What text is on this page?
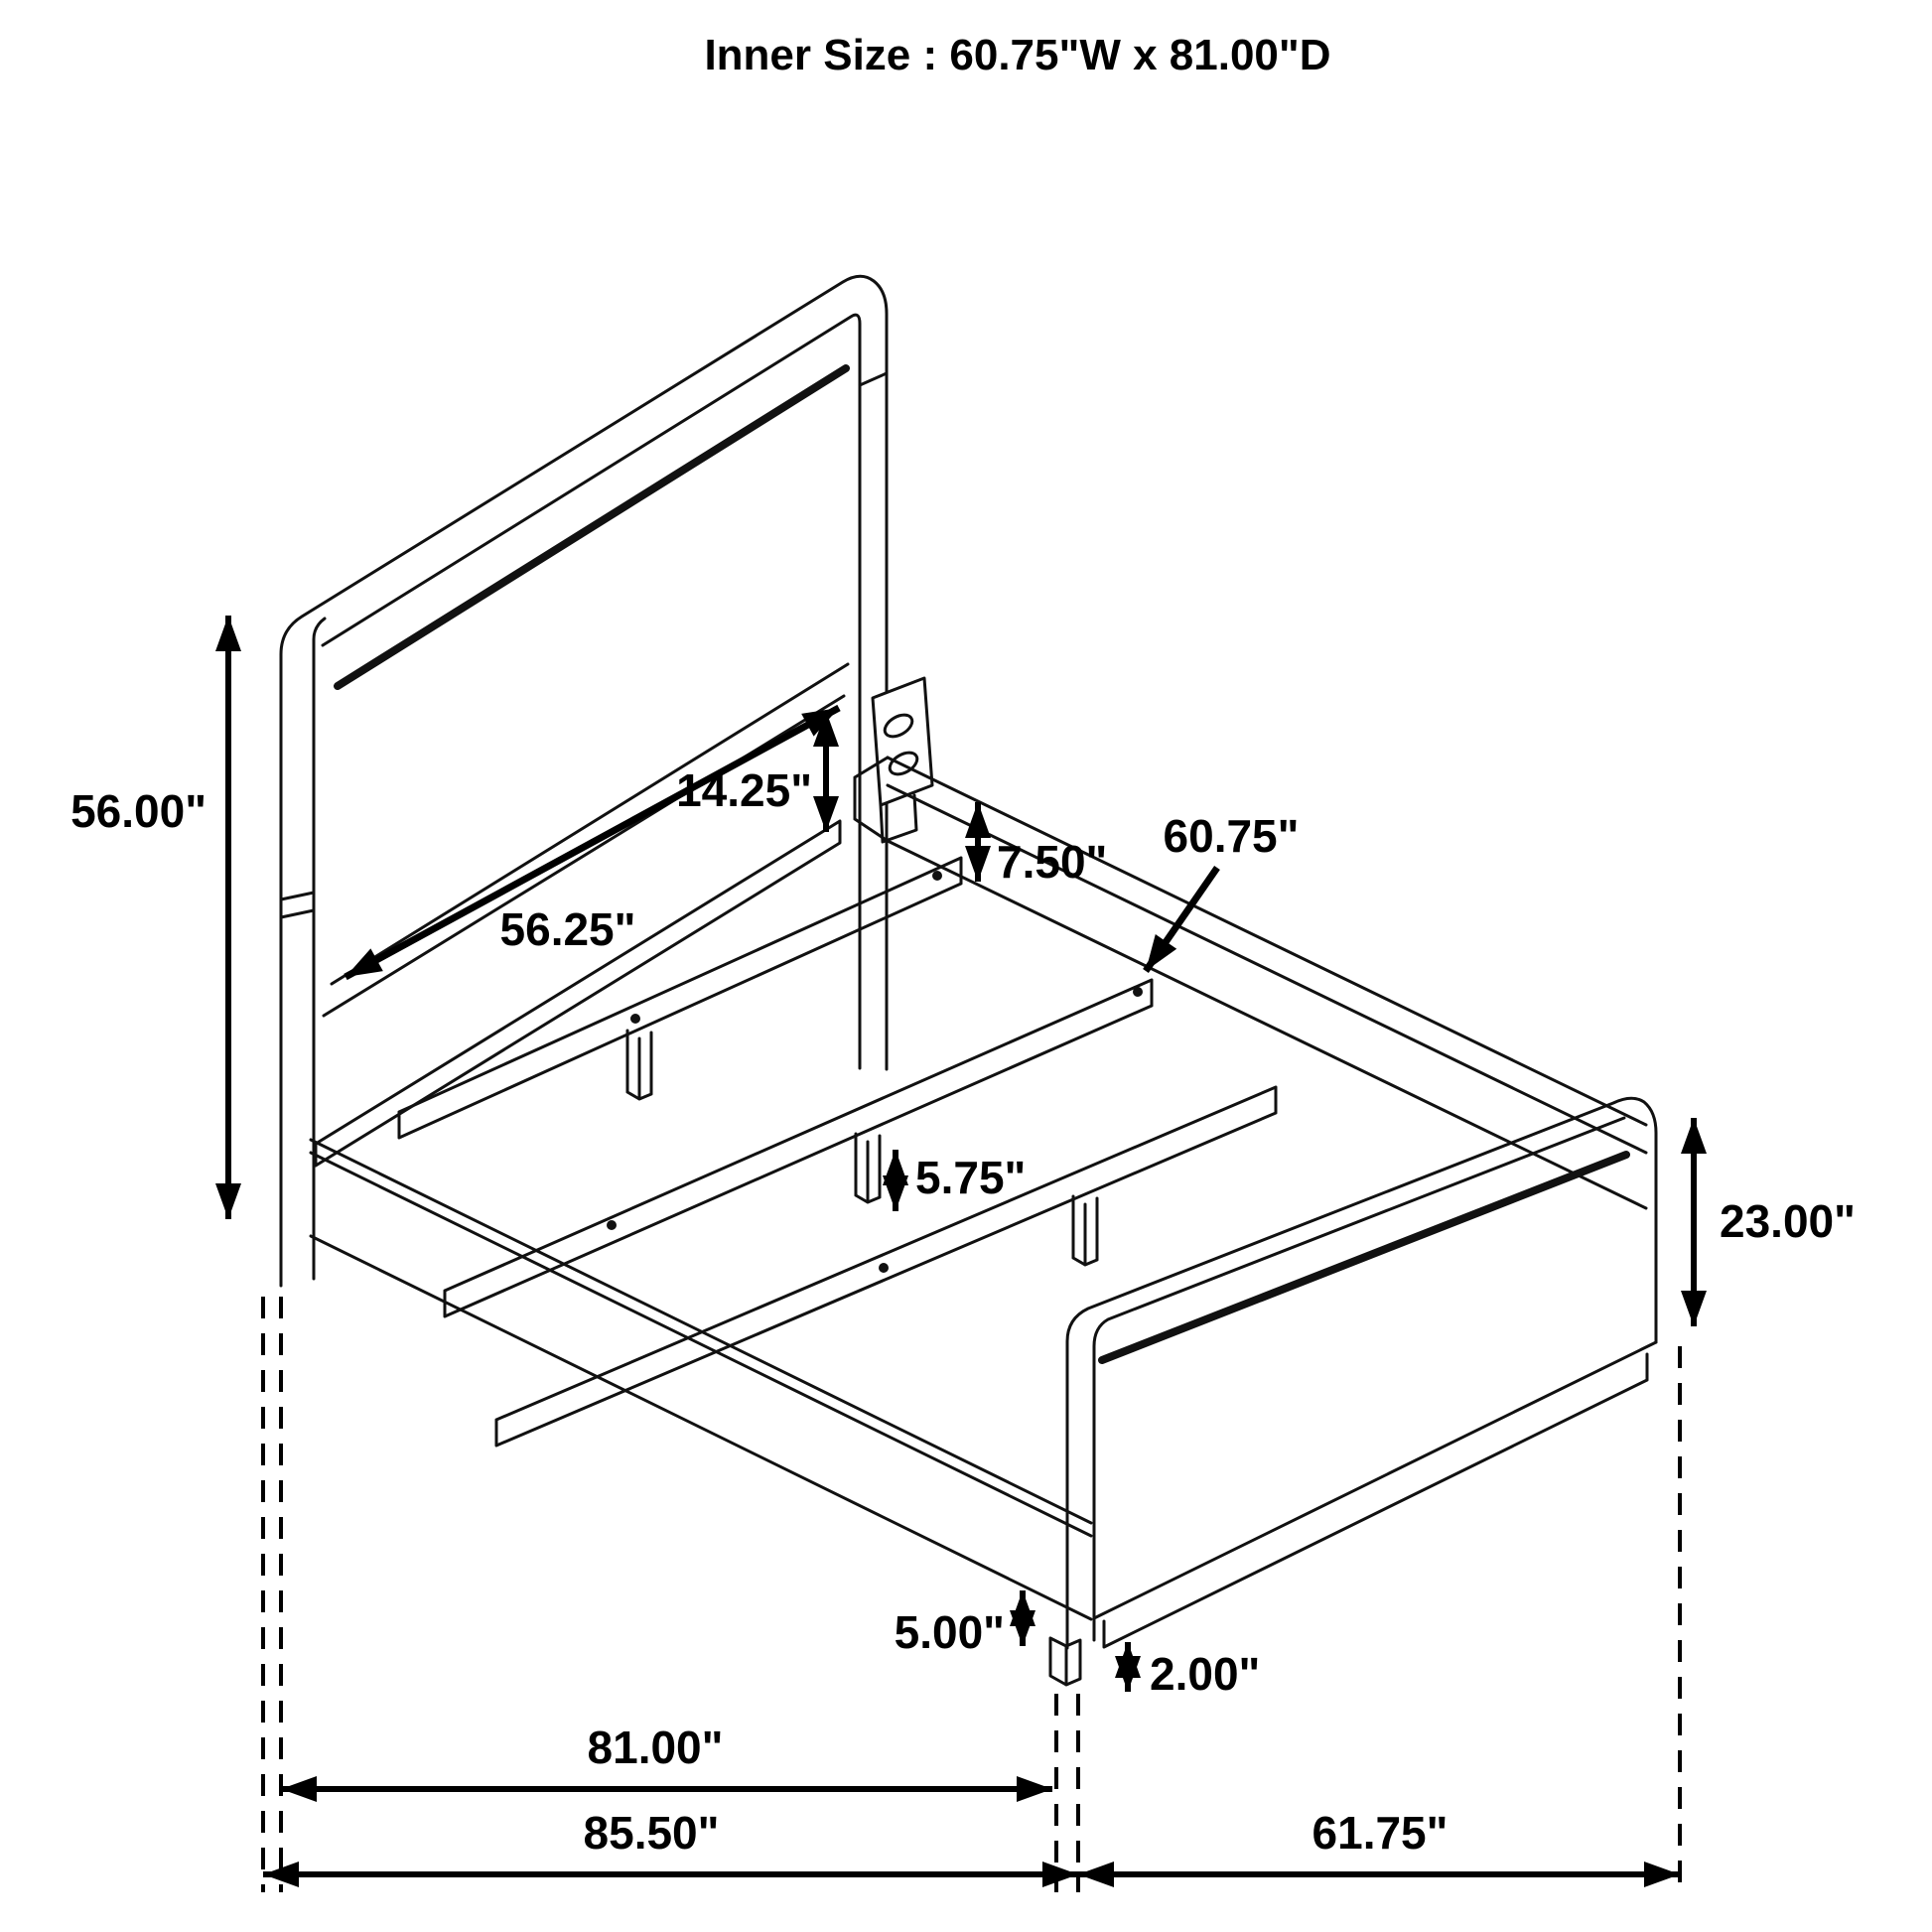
Inner Size : 60.75"W x 81.00"D
56.00"
56.25"
14.25"
7.50" 60.75"
5.75"
23.00"
5.00"
2.00"
81.00"
85.50"	61.75"
